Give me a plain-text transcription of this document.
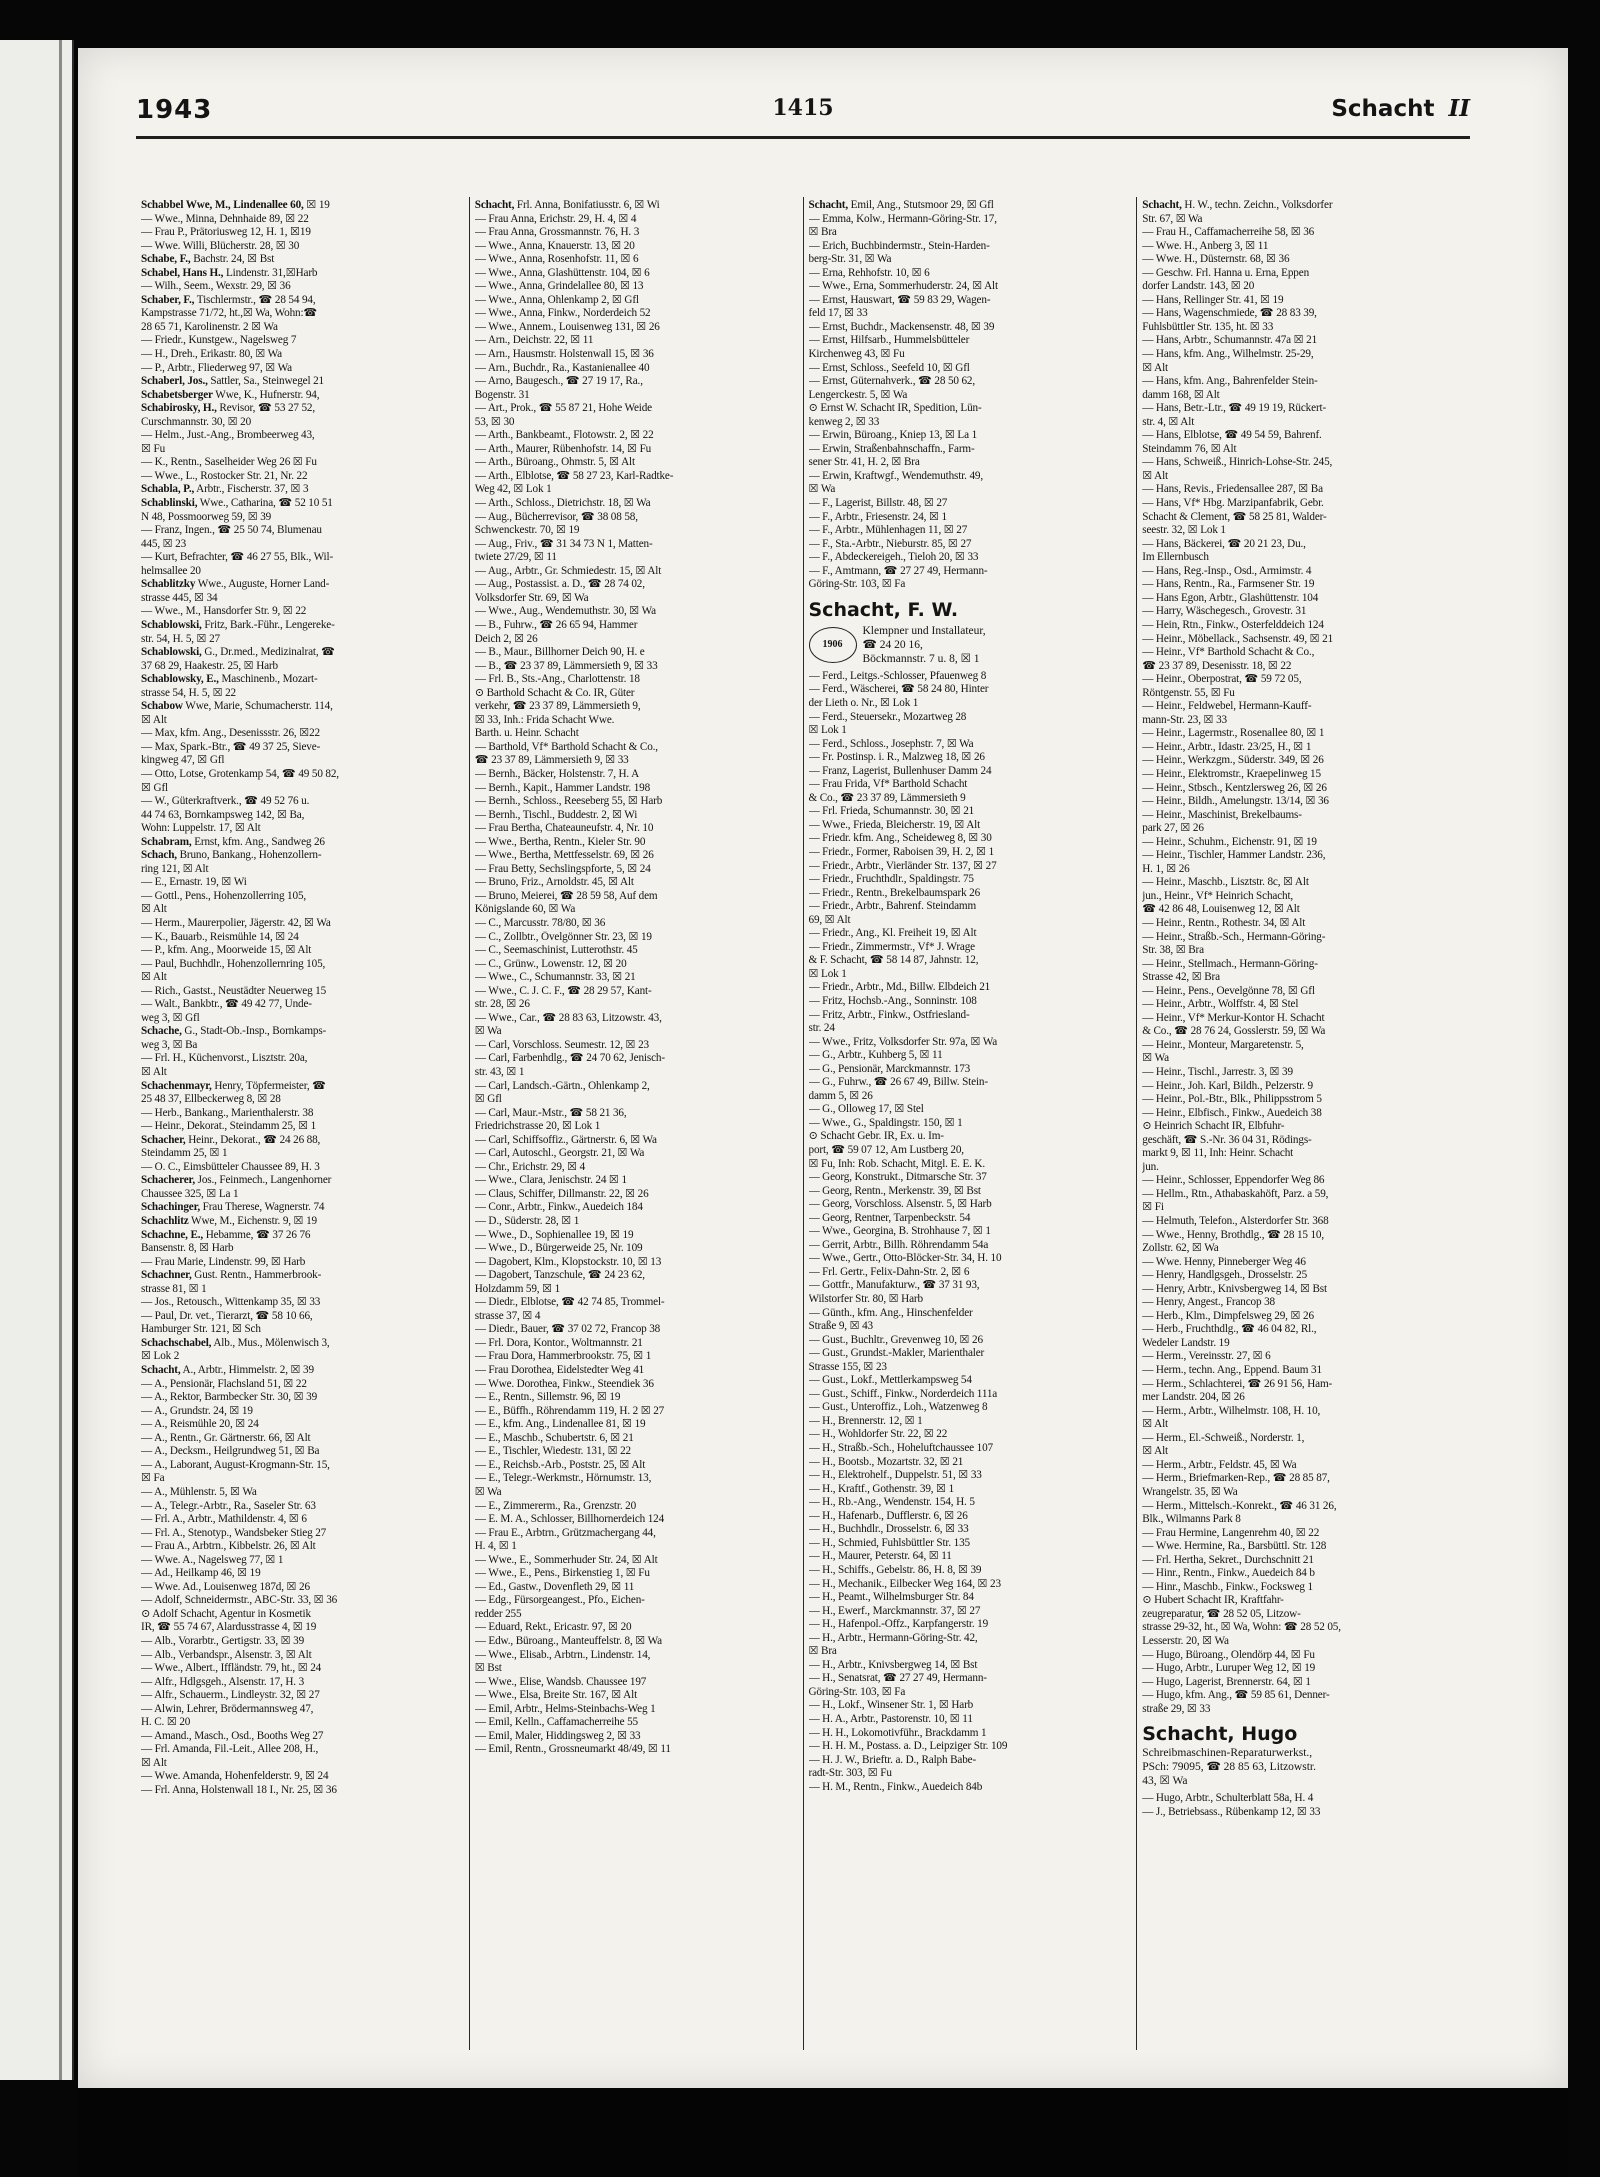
1943	1415	Schacht II
Schabbel Wwe, M., Lindenallee 60, ☒ 19
— Wwe., Minna, Dehnhaide 89, ☒ 22
— Frau P., Prätoriusweg 12, H. 1, ☒19
— Wwe. Willi, Blücherstr. 28, ☒ 30
Schabe, F., Bachstr. 24, ☒ Bst
Schabel, Hans H., Lindenstr. 31,☒Harb
— Wilh., Seem., Wexstr. 29, ☒ 36
Schaber, F., Tischlermstr., ☎ 28 54 94,
Kampstrasse 71/72, ht.,☒ Wa, Wohn:☎
28 65 71, Karolinenstr. 2 ☒ Wa
— Friedr., Kunstgew., Nagelsweg 7
— H., Dreh., Erikastr. 80, ☒ Wa
— P., Arbtr., Fliederweg 97, ☒ Wa
Schaberl, Jos., Sattler, Sa., Steinwegel 21
Schabetsberger Wwe, K., Hufnerstr. 94,
Schabirosky, H., Revisor, ☎ 53 27 52,
Curschmannstr. 30, ☒ 20
— Helm., Just.-Ang., Brombeerweg 43,
☒ Fu
— K., Rentn., Saselheider Weg 26 ☒ Fu
— Wwe., L., Rostocker Str. 21, Nr. 22
Schabla, P., Arbtr., Fischerstr. 37, ☒ 3
Schablinski, Wwe., Catharina, ☎ 52 10 51
N 48, Possmoorweg 59, ☒ 39
— Franz, Ingen., ☎ 25 50 74, Blumenau
445, ☒ 23
— Kurt, Befrachter, ☎ 46 27 55, Blk., Wil-
helmsallee 20
Schablitzky Wwe., Auguste, Horner Land-
strasse 445, ☒ 34
— Wwe., M., Hansdorfer Str. 9, ☒ 22
Schablowski, Fritz, Bark.-Führ., Lengereke-
str. 54, H. 5, ☒ 27
Schablowski, G., Dr.med., Medizinalrat, ☎
37 68 29, Haakestr. 25, ☒ Harb
Schablowsky, E., Maschinenb., Mozart-
strasse 54, H. 5, ☒ 22
Schabow Wwe, Marie, Schumacherstr. 114,
☒ Alt
— Max, kfm. Ang., Desenissstr. 26, ☒22
— Max, Spark.-Btr., ☎ 49 37 25, Sieve-
kingweg 47, ☒ Gfl
— Otto, Lotse, Grotenkamp 54, ☎ 49 50 82,
☒ Gfl
— W., Güterkraftverk., ☎ 49 52 76 u.
44 74 63, Bornkampsweg 142, ☒ Ba,
Wohn: Luppelstr. 17, ☒ Alt
Schabram, Ernst, kfm. Ang., Sandweg 26
Schach, Bruno, Bankang., Hohenzollern-
ring 121, ☒ Alt
— E., Ernastr. 19, ☒ Wi
— Gottl., Pens., Hohenzollerring 105,
☒ Alt
— Herm., Maurerpolier, Jägerstr. 42, ☒ Wa
— K., Bauarb., Reismühle 14, ☒ 24
— P., kfm. Ang., Moorweide 15, ☒ Alt
— Paul, Buchhdlr., Hohenzollernring 105,
☒ Alt
— Rich., Gastst., Neustädter Neuerweg 15
— Walt., Bankbtr., ☎ 49 42 77, Unde-
weg 3, ☒ Gfl
Schache, G., Stadt-Ob.-Insp., Bornkamps-
weg 3, ☒ Ba
— Frl. H., Küchenvorst., Lisztstr. 20a,
☒ Alt
Schachenmayr, Henry, Töpfermeister, ☎
25 48 37, Ellbeckerweg 8, ☒ 28
— Herb., Bankang., Marienthalerstr. 38
— Heinr., Dekorat., Steindamm 25, ☒ 1
Schacher, Heinr., Dekorat., ☎ 24 26 88,
Steindamm 25, ☒ 1
— O. C., Eimsbütteler Chaussee 89, H. 3
Schacherer, Jos., Feinmech., Langenhorner
Chaussee 325, ☒ La 1
Schachinger, Frau Therese, Wagnerstr. 74
Schachlitz Wwe, M., Eichenstr. 9, ☒ 19
Schachne, E., Hebamme, ☎ 37 26 76
Bansenstr. 8, ☒ Harb
— Frau Marie, Lindenstr. 99, ☒ Harb
Schachner, Gust. Rentn., Hammerbrook-
strasse 81, ☒ 1
— Jos., Retousch., Wittenkamp 35, ☒ 33
— Paul, Dr. vet., Tierarzt, ☎ 58 10 66,
Hamburger Str. 121, ☒ Sch
Schachschabel, Alb., Mus., Mölenwisch 3,
☒ Lok 2
Schacht, A., Arbtr., Himmelstr. 2, ☒ 39
— A., Pensionär, Flachsland 51, ☒ 22
— A., Rektor, Barmbecker Str. 30, ☒ 39
— A., Grundstr. 24, ☒ 19
— A., Reismühle 20, ☒ 24
— A., Rentn., Gr. Gärtnerstr. 66, ☒ Alt
— A., Decksm., Heilgrundweg 51, ☒ Ba
— A., Laborant, August-Krogmann-Str. 15,
☒ Fa
— A., Mühlenstr. 5, ☒ Wa
— A., Telegr.-Arbtr., Ra., Saseler Str. 63
— Frl. A., Arbtr., Mathildenstr. 4, ☒ 6
— Frl. A., Stenotyp., Wandsbeker Stieg 27
— Frau A., Arbtrn., Kibbelstr. 26, ☒ Alt
— Wwe. A., Nagelsweg 77, ☒ 1
— Ad., Heilkamp 46, ☒ 19
— Wwe. Ad., Louisenweg 187d, ☒ 26
— Adolf, Schneidermstr., ABC-Str. 33, ☒ 36
⊙ Adolf Schacht, Agentur in Kosmetik
IR, ☎ 55 74 67, Alardusstrasse 4, ☒ 19
— Alb., Vorarbtr., Gertigstr. 33, ☒ 39
— Alb., Verbandspr., Alsenstr. 3, ☒ Alt
— Wwe., Albert., Iffländstr. 79, ht., ☒ 24
— Alfr., Hdlgsgeh., Alsenstr. 17, H. 3
— Alfr., Schauerm., Lindleystr. 32, ☒ 27
— Alwin, Lehrer, Brödermannsweg 47,
H. C. ☒ 20
— Amand., Masch., Osd., Booths Weg 27
— Frl. Amanda, Fil.-Leit., Allee 208, H.,
☒ Alt
— Wwe. Amanda, Hohenfelderstr. 9, ☒ 24
— Frl. Anna, Holstenwall 18 I., Nr. 25, ☒ 36
Schacht, Frl. Anna, Bonifatiusstr. 6, ☒ Wi
— Frau Anna, Erichstr. 29, H. 4, ☒ 4
— Frau Anna, Grossmannstr. 76, H. 3
— Wwe., Anna, Knauerstr. 13, ☒ 20
— Wwe., Anna, Rosenhofstr. 11, ☒ 6
— Wwe., Anna, Glashüttenstr. 104, ☒ 6
— Wwe., Anna, Grindelallee 80, ☒ 13
— Wwe., Anna, Ohlenkamp 2, ☒ Gfl
— Wwe., Anna, Finkw., Norderdeich 52
— Wwe., Annem., Louisenweg 131, ☒ 26
— Arn., Deichstr. 22, ☒ 11
— Arn., Hausmstr. Holstenwall 15, ☒ 36
— Arn., Buchdr., Ra., Kastanienallee 40
— Arno, Baugesch., ☎ 27 19 17, Ra.,
Bogenstr. 31
— Art., Prok., ☎ 55 87 21, Hohe Weide
53, ☒ 30
— Arth., Bankbeamt., Flotowstr. 2, ☒ 22
— Arth., Maurer, Rübenhofstr. 14, ☒ Fu
— Arth., Büroang., Ohmstr. 5, ☒ Alt
— Arth., Elblotse, ☎ 58 27 23, Karl-Radtke-
Weg 42, ☒ Lok 1
— Arth., Schloss., Dietrichstr. 18, ☒ Wa
— Aug., Bücherrevisor, ☎ 38 08 58,
Schwenckestr. 70, ☒ 19
— Aug., Friv., ☎ 31 34 73 N 1, Matten-
twiete 27/29, ☒ 11
— Aug., Arbtr., Gr. Schmiedestr. 15, ☒ Alt
— Aug., Postassist. a. D., ☎ 28 74 02,
Volksdorfer Str. 69, ☒ Wa
— Wwe., Aug., Wendemuthstr. 30, ☒ Wa
— B., Fuhrw., ☎ 26 65 94, Hammer
Deich 2, ☒ 26
— B., Maur., Billhorner Deich 90, H. e
— B., ☎ 23 37 89, Lämmersieth 9, ☒ 33
— Frl. B., Sts.-Ang., Charlottenstr. 18
⊙ Barthold Schacht & Co. IR, Güter
verkehr, ☎ 23 37 89, Lämmersieth 9,
☒ 33, Inh.: Frida Schacht Wwe.
Barth. u. Heinr. Schacht
— Barthold, Vf* Barthold Schacht & Co.,
☎ 23 37 89, Lämmersieth 9, ☒ 33
— Bernh., Bäcker, Holstenstr. 7, H. A
— Bernh., Kapit., Hammer Landstr. 198
— Bernh., Schloss., Reeseberg 55, ☒ Harb
— Bernh., Tischl., Buddestr. 2, ☒ Wi
— Frau Bertha, Chateauneufstr. 4, Nr. 10
— Wwe., Bertha, Rentn., Kieler Str. 90
— Wwe., Bertha, Mettfesselstr. 69, ☒ 26
— Frau Betty, Sechslingspforte, 5, ☒ 24
— Bruno, Friz., Arnoldstr. 45, ☒ Alt
— Bruno, Meierei, ☎ 28 59 58, Auf dem
Königslande 60, ☒ Wa
— C., Marcusstr. 78/80, ☒ 36
— C., Zollbtr., Övelgönner Str. 23, ☒ 19
— C., Seemaschinist, Lutterothstr. 45
— C., Grünw., Lowenstr. 12, ☒ 20
— Wwe., C., Schumannstr. 33, ☒ 21
— Wwe., C. J. C. F., ☎ 28 29 57, Kant-
str. 28, ☒ 26
— Wwe., Car., ☎ 28 83 63, Litzowstr. 43,
☒ Wa
— Carl, Vorschloss. Seumestr. 12, ☒ 23
— Carl, Farbenhdlg., ☎ 24 70 62, Jenisch-
str. 43, ☒ 1
— Carl, Landsch.-Gärtn., Ohlenkamp 2,
☒ Gfl
— Carl, Maur.-Mstr., ☎ 58 21 36,
Friedrichstrasse 20, ☒ Lok 1
— Carl, Schiffsoffiz., Gärtnerstr. 6, ☒ Wa
— Carl, Autoschl., Georgstr. 21, ☒ Wa
— Chr., Erichstr. 29, ☒ 4
— Wwe., Clara, Jenischstr. 24 ☒ 1
— Claus, Schiffer, Dillmanstr. 22, ☒ 26
— Conr., Arbtr., Finkw., Auedeich 184
— D., Süderstr. 28, ☒ 1
— Wwe., D., Sophienallee 19, ☒ 19
— Wwe., D., Bürgerweide 25, Nr. 109
— Dagobert, Klm., Klopstockstr. 10, ☒ 13
— Dagobert, Tanzschule, ☎ 24 23 62,
Holzdamm 59, ☒ 1
— Diedr., Elblotse, ☎ 42 74 85, Trommel-
strasse 37, ☒ 4
— Diedr., Bauer, ☎ 37 02 72, Francop 38
— Frl. Dora, Kontor., Woltmannstr. 21
— Frau Dora, Hammerbrookstr. 75, ☒ 1
— Frau Dorothea, Eidelstedter Weg 41
— Wwe. Dorothea, Finkw., Steendiek 36
— E., Rentn., Sillemstr. 96, ☒ 19
— E., Büffh., Röhrendamm 119, H. 2 ☒ 27
— E., kfm. Ang., Lindenallee 81, ☒ 19
— E., Maschb., Schubertstr. 6, ☒ 21
— E., Tischler, Wiedestr. 131, ☒ 22
— E., Reichsb.-Arb., Poststr. 25, ☒ Alt
— E., Telegr.-Werkmstr., Hörnumstr. 13,
☒ Wa
— E., Zimmererm., Ra., Grenzstr. 20
— E. M. A., Schlosser, Billhornerdeich 124
— Frau E., Arbtrn., Grützmachergang 44,
H. 4, ☒ 1
— Wwe., E., Sommerhuder Str. 24, ☒ Alt
— Wwe., E., Pens., Birkenstieg 1, ☒ Fu
— Ed., Gastw., Dovenfleth 29, ☒ 11
— Edg., Fürsorgeangest., Pfo., Eichen-
redder 255
— Eduard, Rekt., Ericastr. 97, ☒ 20
— Edw., Büroang., Manteuffelstr. 8, ☒ Wa
— Wwe., Elisab., Arbtrn., Lindenstr. 14,
☒ Bst
— Wwe., Elise, Wandsb. Chaussee 197
— Wwe., Elsa, Breite Str. 167, ☒ Alt
— Emil, Arbtr., Helms-Steinbachs-Weg 1
— Emil, Kelln., Caffamacherreihe 55
— Emil, Maler, Hiddingsweg 2, ☒ 33
— Emil, Rentn., Grossneumarkt 48/49, ☒ 11
Schacht, Emil, Ang., Stutsmoor 29, ☒ Gfl
— Emma, Kolw., Hermann-Göring-Str. 17,
☒ Bra
— Erich, Buchbindermstr., Stein-Harden-
berg-Str. 31, ☒ Wa
— Erna, Rehhofstr. 10, ☒ 6
— Wwe., Erna, Sommerhuderstr. 24, ☒ Alt
— Ernst, Hauswart, ☎ 59 83 29, Wagen-
feld 17, ☒ 33
— Ernst, Buchdr., Mackensenstr. 48, ☒ 39
— Ernst, Hilfsarb., Hummelsbütteler
Kirchenweg 43, ☒ Fu
— Ernst, Schloss., Seefeld 10, ☒ Gfl
— Ernst, Güternahverk., ☎ 28 50 62,
Lengerckestr. 5, ☒ Wa
⊙ Ernst W. Schacht IR, Spedition, Lün-
kenweg 2, ☒ 33
— Erwin, Büroang., Kniep 13, ☒ La 1
— Erwin, Straßenbahnschaffn., Farm-
sener Str. 41, H. 2, ☒ Bra
— Erwin, Kraftwgf., Wendemuthstr. 49,
☒ Wa
— F., Lagerist, Billstr. 48, ☒ 27
— F., Arbtr., Friesenstr. 24, ☒ 1
— F., Arbtr., Mühlenhagen 11, ☒ 27
— F., Sta.-Arbtr., Nieburstr. 85, ☒ 27
— F., Abdeckereigeh., Tieloh 20, ☒ 33
— F., Amtmann, ☎ 27 27 49, Hermann-
Göring-Str. 103, ☒ Fa
Schacht, F. W.
1906
Klempner und Installateur,
☎ 24 20 16,
Böckmannstr. 7 u. 8, ☒ 1
— Ferd., Leitgs.-Schlosser, Pfauenweg 8
— Ferd., Wäscherei, ☎ 58 24 80, Hinter
der Lieth o. Nr., ☒ Lok 1
— Ferd., Steuersekr., Mozartweg 28
☒ Lok 1
— Ferd., Schloss., Josephstr. 7, ☒ Wa
— Fr. Postinsp. i. R., Malzweg 18, ☒ 26
— Franz, Lagerist, Bullenhuser Damm 24
— Frau Frida, Vf* Barthold Schacht
& Co., ☎ 23 37 89, Lämmersieth 9
— Frl. Frieda, Schumannstr. 30, ☒ 21
— Wwe., Frieda, Bleicherstr. 19, ☒ Alt
— Friedr. kfm. Ang., Scheideweg 8, ☒ 30
— Friedr., Former, Raboisen 39, H. 2, ☒ 1
— Friedr., Arbtr., Vierländer Str. 137, ☒ 27
— Friedr., Fruchthdlr., Spaldingstr. 75
— Friedr., Rentn., Brekelbaumspark 26
— Friedr., Arbtr., Bahrenf. Steindamm
69, ☒ Alt
— Friedr., Ang., Kl. Freiheit 19, ☒ Alt
— Friedr., Zimmermstr., Vf* J. Wrage
& F. Schacht, ☎ 58 14 87, Jahnstr. 12,
☒ Lok 1
— Friedr., Arbtr., Md., Billw. Elbdeich 21
— Fritz, Hochsb.-Ang., Sonninstr. 108
— Fritz, Arbtr., Finkw., Ostfriesland-
str. 24
— Wwe., Fritz, Volksdorfer Str. 97a, ☒ Wa
— G., Arbtr., Kuhberg 5, ☒ 11
— G., Pensionär, Marckmannstr. 173
— G., Fuhrw., ☎ 26 67 49, Billw. Stein-
damm 5, ☒ 26
— G., Olloweg 17, ☒ Stel
— Wwe., G., Spaldingstr. 150, ☒ 1
⊙ Schacht Gebr. IR, Ex. u. Im-
port, ☎ 59 07 12, Am Lustberg 20,
☒ Fu, Inh: Rob. Schacht, Mitgl. E. E. K.
— Georg, Konstrukt., Ditmarsche Str. 37
— Georg, Rentn., Merkenstr. 39, ☒ Bst
— Georg, Vorschloss. Alsenstr. 5, ☒ Harb
— Georg, Rentner, Tarpenbeckstr. 54
— Wwe., Georgina, B. Strohhause 7, ☒ 1
— Gerrit, Arbtr., Billh. Röhrendamm 54a
— Wwe., Gertr., Otto-Blöcker-Str. 34, H. 10
— Frl. Gertr., Felix-Dahn-Str. 2, ☒ 6
— Gottfr., Manufakturw., ☎ 37 31 93,
Wilstorfer Str. 80, ☒ Harb
— Günth., kfm. Ang., Hinschenfelder
Straße 9, ☒ 43
— Gust., Buchltr., Grevenweg 10, ☒ 26
— Gust., Grundst.-Makler, Marienthaler
Strasse 155, ☒ 23
— Gust., Lokf., Mettlerkampsweg 54
— Gust., Schiff., Finkw., Norderdeich 111a
— Gust., Unteroffiz., Loh., Watzenweg 8
— H., Brennerstr. 12, ☒ 1
— H., Wohldorfer Str. 22, ☒ 22
— H., Straßb.-Sch., Hoheluftchaussee 107
— H., Bootsb., Mozartstr. 32, ☒ 21
— H., Elektrohelf., Duppelstr. 51, ☒ 33
— H., Kraftf., Gothenstr. 39, ☒ 1
— H., Rb.-Ang., Wendenstr. 154, H. 5
— H., Hafenarb., Dufflerstr. 6, ☒ 26
— H., Buchhdlr., Drosselstr. 6, ☒ 33
— H., Schmied, Fuhlsbüttler Str. 135
— H., Maurer, Peterstr. 64, ☒ 11
— H., Schiffs., Gebelstr. 86, H. 8, ☒ 39
— H., Mechanik., Eilbecker Weg 164, ☒ 23
— H., Peamt., Wilhelmsburger Str. 84
— H., Ewerf., Marckmannstr. 37, ☒ 27
— H., Hafenpol.-Offz., Karpfangerstr. 19
— H., Arbtr., Hermann-Göring-Str. 42,
☒ Bra
— H., Arbtr., Knivsbergweg 14, ☒ Bst
— H., Senatsrat, ☎ 27 27 49, Hermann-
Göring-Str. 103, ☒ Fa
— H., Lokf., Winsener Str. 1, ☒ Harb
— H. A., Arbtr., Pastorenstr. 10, ☒ 11
— H. H., Lokomotivführ., Brackdamm 1
— H. H. M., Postass. a. D., Leipziger Str. 109
— H. J. W., Brieftr. a. D., Ralph Babe-
radt-Str. 303, ☒ Fu
— H. M., Rentn., Finkw., Auedeich 84b
Schacht, H. W., techn. Zeichn., Volksdorfer
Str. 67, ☒ Wa
— Frau H., Caffamacherreihe 58, ☒ 36
— Wwe. H., Anberg 3, ☒ 11
— Wwe. H., Düsternstr. 68, ☒ 36
— Geschw. Frl. Hanna u. Erna, Eppen
dorfer Landstr. 143, ☒ 20
— Hans, Rellinger Str. 41, ☒ 19
— Hans, Wagenschmiede, ☎ 28 83 39,
Fuhlsbüttler Str. 135, ht. ☒ 33
— Hans, Arbtr., Schumannstr. 47a ☒ 21
— Hans, kfm. Ang., Wilhelmstr. 25-29,
☒ Alt
— Hans, kfm. Ang., Bahrenfelder Stein-
damm 168, ☒ Alt
— Hans, Betr.-Ltr., ☎ 49 19 19, Rückert-
str. 4, ☒ Alt
— Hans, Elblotse, ☎ 49 54 59, Bahrenf.
Steindamm 76, ☒ Alt
— Hans, Schweiß., Hinrich-Lohse-Str. 245,
☒ Alt
— Hans, Revis., Friedensallee 287, ☒ Ba
— Hans, Vf* Hbg. Marzipanfabrik, Gebr.
Schacht & Clement, ☎ 58 25 81, Walder-
seestr. 32, ☒ Lok 1
— Hans, Bäckerei, ☎ 20 21 23, Du.,
Im Ellernbusch
— Hans, Reg.-Insp., Osd., Armimstr. 4
— Hans, Rentn., Ra., Farmsener Str. 19
— Hans Egon, Arbtr., Glashüttenstr. 104
— Harry, Wäschegesch., Grovestr. 31
— Hein, Rtn., Finkw., Osterfelddeich 124
— Heinr., Möbellack., Sachsenstr. 49, ☒ 21
— Heinr., Vf* Barthold Schacht & Co.,
☎ 23 37 89, Desenisstr. 18, ☒ 22
— Heinr., Oberpostrat, ☎ 59 72 05,
Röntgenstr. 55, ☒ Fu
— Heinr., Feldwebel, Hermann-Kauff-
mann-Str. 23, ☒ 33
— Heinr., Lagermstr., Rosenallee 80, ☒ 1
— Heinr., Arbtr., Idastr. 23/25, H., ☒ 1
— Heinr., Werkzgm., Süderstr. 349, ☒ 26
— Heinr., Elektromstr., Kraepelinweg 15
— Heinr., Stbsch., Kentzlersweg 26, ☒ 26
— Heinr., Bildh., Amelungstr. 13/14, ☒ 36
— Heinr., Maschinist, Brekelbaums-
park 27, ☒ 26
— Heinr., Schuhm., Eichenstr. 91, ☒ 19
— Heinr., Tischler, Hammer Landstr. 236,
H. 1, ☒ 26
— Heinr., Maschb., Lisztstr. 8c, ☒ Alt
jun., Heinr., Vf* Heinrich Schacht,
☎ 42 86 48, Louisenweg 12, ☒ Alt
— Heinr., Rentn., Rothestr. 34, ☒ Alt
— Heinr., Straßb.-Sch., Hermann-Göring-
Str. 38, ☒ Bra
— Heinr., Stellmach., Hermann-Göring-
Strasse 42, ☒ Bra
— Heinr., Pens., Oevelgönne 78, ☒ Gfl
— Heinr., Arbtr., Wolffstr. 4, ☒ Stel
— Heinr., Vf* Merkur-Kontor H. Schacht
& Co., ☎ 28 76 24, Gosslerstr. 59, ☒ Wa
— Heinr., Monteur, Margaretenstr. 5,
☒ Wa
— Heinr., Tischl., Jarrestr. 3, ☒ 39
— Heinr., Joh. Karl, Bildh., Pelzerstr. 9
— Heinr., Pol.-Btr., Blk., Philippsstrom 5
— Heinr., Elbfisch., Finkw., Auedeich 38
⊙ Heinrich Schacht IR, Elbfuhr-
geschäft, ☎ S.-Nr. 36 04 31, Rödings-
markt 9, ☒ 11, Inh: Heinr. Schacht
jun.
— Heinr., Schlosser, Eppendorfer Weg 86
— Hellm., Rtn., Athabaskahöft, Parz. a 59,
☒ Fi
— Helmuth, Telefon., Alsterdorfer Str. 368
— Wwe., Henny, Brothdlg., ☎ 28 15 10,
Zollstr. 62, ☒ Wa
— Wwe. Henny, Pinneberger Weg 46
— Henry, Handlgsgeh., Drosselstr. 25
— Henry, Arbtr., Knivsbergweg 14, ☒ Bst
— Henry, Angest., Francop 38
— Herb., Klm., Dimpfelsweg 29, ☒ 26
— Herb., Fruchthdlg., ☎ 46 04 82, Rl.,
Wedeler Landstr. 19
— Herm., Vereinsstr. 27, ☒ 6
— Herm., techn. Ang., Eppend. Baum 31
— Herm., Schlachterei, ☎ 26 91 56, Ham-
mer Landstr. 204, ☒ 26
— Herm., Arbtr., Wilhelmstr. 108, H. 10,
☒ Alt
— Herm., El.-Schweiß., Norderstr. 1,
☒ Alt
— Herm., Arbtr., Feldstr. 45, ☒ Wa
— Herm., Briefmarken-Rep., ☎ 28 85 87,
Wrangelstr. 35, ☒ Wa
— Herm., Mittelsch.-Konrekt., ☎ 46 31 26,
Blk., Wilmanns Park 8
— Frau Hermine, Langenrehm 40, ☒ 22
— Wwe. Hermine, Ra., Barsbüttl. Str. 128
— Frl. Hertha, Sekret., Durchschnitt 21
— Hinr., Rentn., Finkw., Auedeich 84 b
— Hinr., Maschb., Finkw., Focksweg 1
⊙ Hubert Schacht IR, Kraftfahr-
zeugreparatur, ☎ 28 52 05, Litzow-
strasse 29-32, ht., ☒ Wa, Wohn: ☎ 28 52 05,
Lesserstr. 20, ☒ Wa
— Hugo, Büroang., Olendörp 44, ☒ Fu
— Hugo, Arbtr., Luruper Weg 12, ☒ 19
— Hugo, Lagerist, Brennerstr. 64, ☒ 1
— Hugo, kfm. Ang., ☎ 59 85 61, Denner-
straße 29, ☒ 33
Schacht, Hugo
Schreibmaschinen-Reparaturwerkst.,
PSch: 79095, ☎ 28 85 63, Litzowstr.
43, ☒ Wa
— Hugo, Arbtr., Schulterblatt 58a, H. 4
— J., Betriebsass., Rübenkamp 12, ☒ 33
